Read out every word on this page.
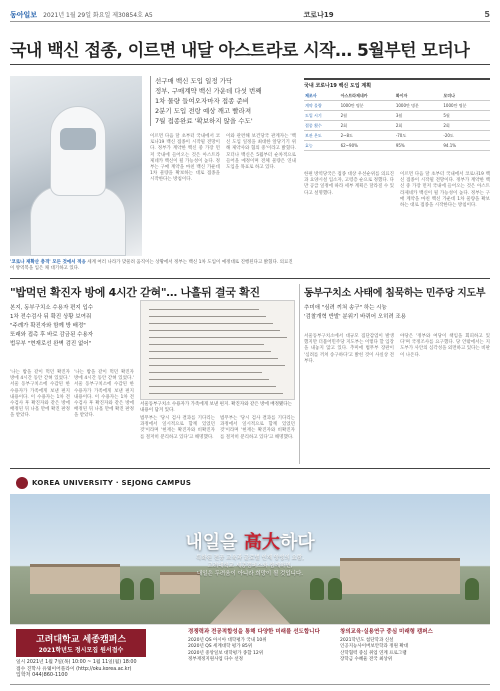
동아일보 2021년 1월 29일 화요일 제30854호 A5	코로나19	5
국내 백신 접종, 이르면 내달 아스트라로 시작… 5월부턴 모더나
선구매 백신 도입 일정 가닥
정부, 구매계약 백신 가운데 다섯 번째
1차 물량 들여오자마자 접종 준비
2분기 도입 전랑 예상 깨고 빨라져
7월 접종완료 '확보하지 않을 수도'
이르면 다음 달 초부터 국내에서 코로나19 백신 접종이 시작될 전망이다. 정부가 계약한 백신 중 가장 먼저 국내에 들어오는 것은 아스트라제네카 백신이 될 가능성이 높다. 정부는 구매 계약을 마친 백신 가운데 1차 물량을 확보하는 대로 접종을 시작한다는 방침이다.
이와 관련해 보건당국 관계자는 '백신 도입 일정을 최대한 앞당기기 위해 제약사와 협의 중'이라고 밝혔다. 모더나 백신은 5월부터 순차적으로 들어올 예정이며 전체 물량은 연내 도입을 목표로 하고 있다.
국내 코로나19 백신 도입 계획
제조사	아스트라제네카	화이자	모더나
계약 물량	1000만 명분	1000만 명분	1000만 명분
도입 시기	2월	3월	5월
접종 횟수	2회	2회	2회
보관 온도	2~8도	-70도	-20도
효능	62~90%	95%	94.1%
한편 방역당국은 접종 대상 우선순위를 의료진과 요양시설 입소자, 고령층 순으로 정했다. 다만 공급 일정에 따라 세부 계획은 달라질 수 있다고 설명했다.
이르면 다음 달 초부터 국내에서 코로나19 백신 접종이 시작될 전망이다. 정부가 계약한 백신 중 가장 먼저 국내에 들어오는 것은 아스트라제네카 백신이 될 가능성이 높다. 정부는 구매 계약을 마친 백신 가운데 1차 물량을 확보하는 대로 접종을 시작한다는 방침이다.
'코로나 재확산 충격' 모든 것에서 적응 세계 여러 나라가 맞물려 움직이는 상황에서 정부는 백신 1차 도입이 예정대로 진행된다고 밝혔다. 의료진이 방역복을 입은 채 대기하고 있다.
"밥먹던 확진자 방에 4시간 갇혀"… 나흘뒤 결국 확진
본지, 동부구치소 수용자 편지 입수
1차 전수검사 뒤 확진 상황 보여줘
"주례가 확진자와 함께 방 배정"
또래와 접촉 후 바로 감금된 수용자
법무부 "현재로선 완벽 검진 없어"
서울동부구치소 수용자가 가족에게 보낸 편지. 확진자와 같은 방에 배정됐다는 내용이 담겨 있다.
'나는 밥을 같이 먹던 확진자 방에 4시간 동안 갇혀 있었다.' 서울 동부구치소에 수감된 한 수용자가 가족에게 보낸 편지 내용이다. 이 수용자는 1차 전수검사 후 확진자와 같은 방에 배정된 뒤 나흘 만에 확진 판정을 받았다.
'나는 밥을 같이 먹던 확진자 방에 4시간 동안 갇혀 있었다.' 서울 동부구치소에 수감된 한 수용자가 가족에게 보낸 편지 내용이다. 이 수용자는 1차 전수검사 후 확진자와 같은 방에 배정된 뒤 나흘 만에 확진 판정을 받았다.
법무부는 '당시 검사 결과를 기다리는 과정에서 일시적으로 함께 있었던 것'이라며 '현재는 확진자와 비확진자를 철저히 분리하고 있다'고 해명했다.
법무부는 '당시 검사 결과를 기다리는 과정에서 일시적으로 함께 있었던 것'이라며 '현재는 확진자와 비확진자를 철저히 분리하고 있다'고 해명했다.
동부구치소 사태에 침묵하는 민주당 지도부
추미애 "심려 끼쳐 송구" 하는 시늉
'검찰개혁 반발' 분위기 바뀌어 오히려 조용
서울동부구치소에서 대규모 집단감염이 발생했지만 더불어민주당 지도부는 이렇다 할 입장을 내놓지 않고 있다. 추미애 법무부 장관이 '심려를 끼쳐 송구하다'고 밝힌 것이 사실상 전부다.
야당은 '정부와 여당이 책임을 회피하고 있다'며 국정조사를 요구했다. 당 안팎에서는 지도부가 사안의 심각성을 외면하고 있다는 비판이 나온다.
KOREA UNIVERSITY · SEJONG CAMPUS
내일을 高大하다
특화된 전공 교육과 글로벌 인재 양성의 요람,
고려대학교 세종캠퍼스와 함께하면,
내일은 두려움이 아니라 희망이 될 것입니다.
고려대학교 세종캠퍼스
2021학년도 정시모집 원서접수
일시 2021년 1월 7일(목) 10:00 ~ 1월 11일(월) 18:00
접수 진학사 유웨이어플라이 (http://oku.korea.ac.kr)
입학처 044)860-1100
경쟁력과 전공적합성을 통해 다양한 미래를 선도합니다
2020년 QS 아시아 대학평가 국내 10위
2020년 QS 세계대학 평가 85위
2020년 중앙일보 대학평가 종합 12위
정부재정지원사업 다수 선정
창의교육·실용연구 중심 미래형 캠퍼스
2021학년도 첨단학과 신설
인공지능사이버보안학과 정원 확대
산학협력 중심 취업 연계 프로그램
장학금 수혜율 전국 최상위
